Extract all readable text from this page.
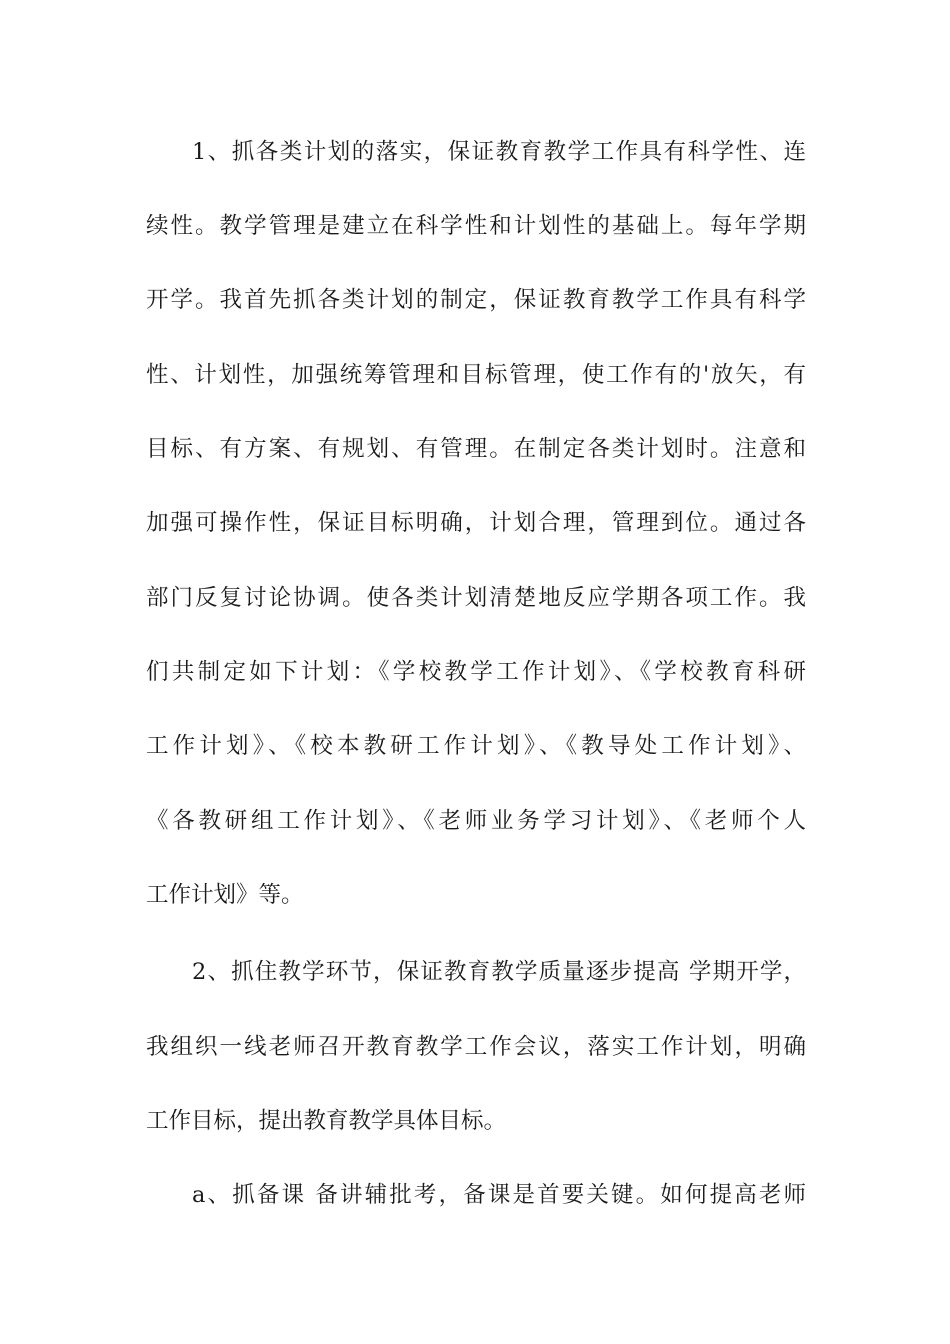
1、抓各类计划的落实，保证教育教学工作具有科学性、连
续性。教学管理是建立在科学性和计划性的基础上。每年学期
开学。我首先抓各类计划的制定，保证教育教学工作具有科学
性、计划性，加强统筹管理和目标管理，使工作有的'放矢，有
目标、有方案、有规划、有管理。在制定各类计划时。注意和
加强可操作性，保证目标明确，计划合理，管理到位。通过各
部门反复讨论协调。使各类计划清楚地反应学期各项工作。我
们共制定如下计划：《学校教学工作计划》、《学校教育科研
工作计划》、《校本教研工作计划》、《教导处工作计划》、
《各教研组工作计划》、《老师业务学习计划》、《老师个人
工作计划》等。
2、抓住教学环节，保证教育教学质量逐步提高 学期开学，
我组织一线老师召开教育教学工作会议，落实工作计划，明确
工作目标，提出教育教学具体目标。
a、抓备课 备讲辅批考，备课是首要关键。如何提高老师
